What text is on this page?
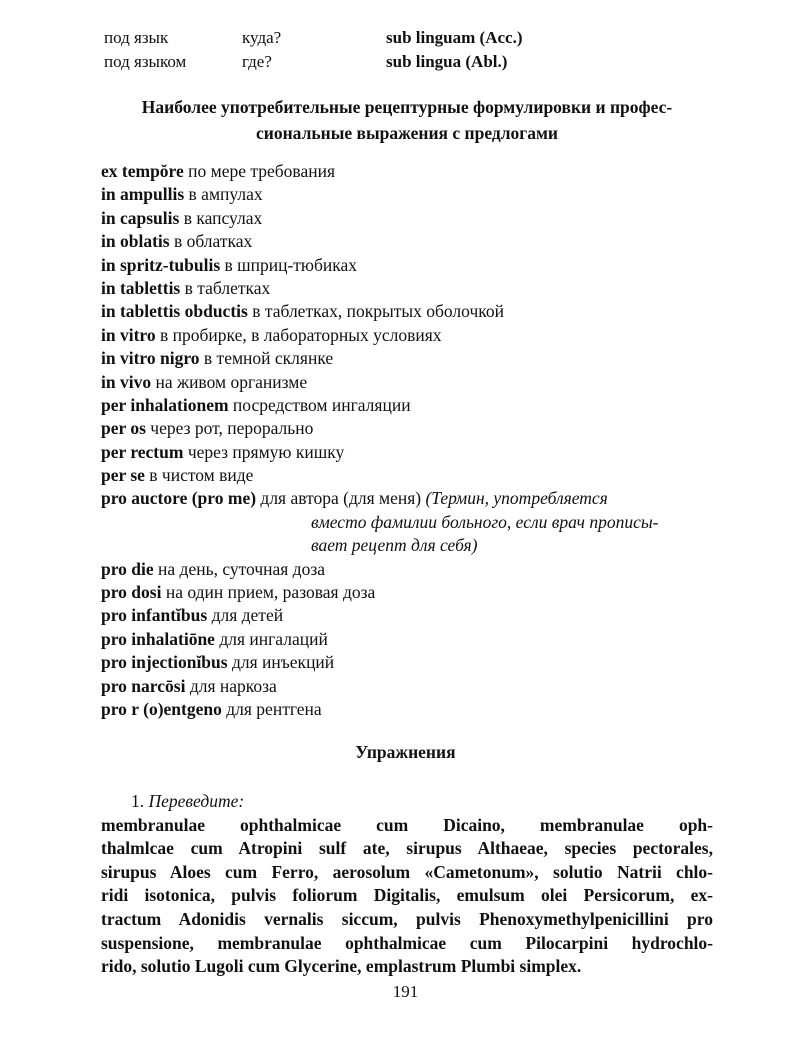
под язык	куда?	sub linguam (Acc.)
под языком	где?	sub lingua (Abl.)
Наиболее употребительные рецептурные формулировки и профес-
сиональные выражения с предлогами
ex tempŏre по мере требования
in ampullis в ампулах
in capsulis в капсулах
in oblatis в облатках
in spritz-tubulis в шприц-тюбиках
in tablettis в таблетках
in tablettis obductis в таблетках, покрытых оболочкой
in vitro в пробирке, в лабораторных условиях
in vitro nigro в темной склянке
in vivo на живом организме
per inhalationem посредством ингаляции
per os через рот, перорально
per rectum через прямую кишку
per se в чистом виде
pro auctore (pro me) для автора (для меня) (Термин, употребляется
вместо фамилии больного, если врач прописы-
вает рецепт для себя)
pro die на день, суточная доза
pro dosi на один прием, разовая доза
pro infantĭbus для детей
pro inhalatiōne для ингалаций
pro injectionĭbus для инъекций
pro narcōsi для наркоза
pro r (o)entgeno для рентгена
Упражнения
1. Переведите:
membranulae ophthalmicae cum Dicaino, membranulae oph-
thalmlcae cum Atropini sulf ate, sirupus Althaeae, species pectorales,
sirupus Aloes cum Ferro, aerosolum «Cametonum», solutio Natrii chlo-
ridi isotonica, pulvis foliorum Digitalis, emulsum olei Persicorum, ex-
tractum Adonidis vernalis siccum, pulvis Phenoxymethylpenicillini pro
suspensione, membranulae ophthalmicae cum Pilocarpini hydrochlo-
rido, solutio Lugoli cum Glycerine, emplastrum Plumbi simplex.
191
